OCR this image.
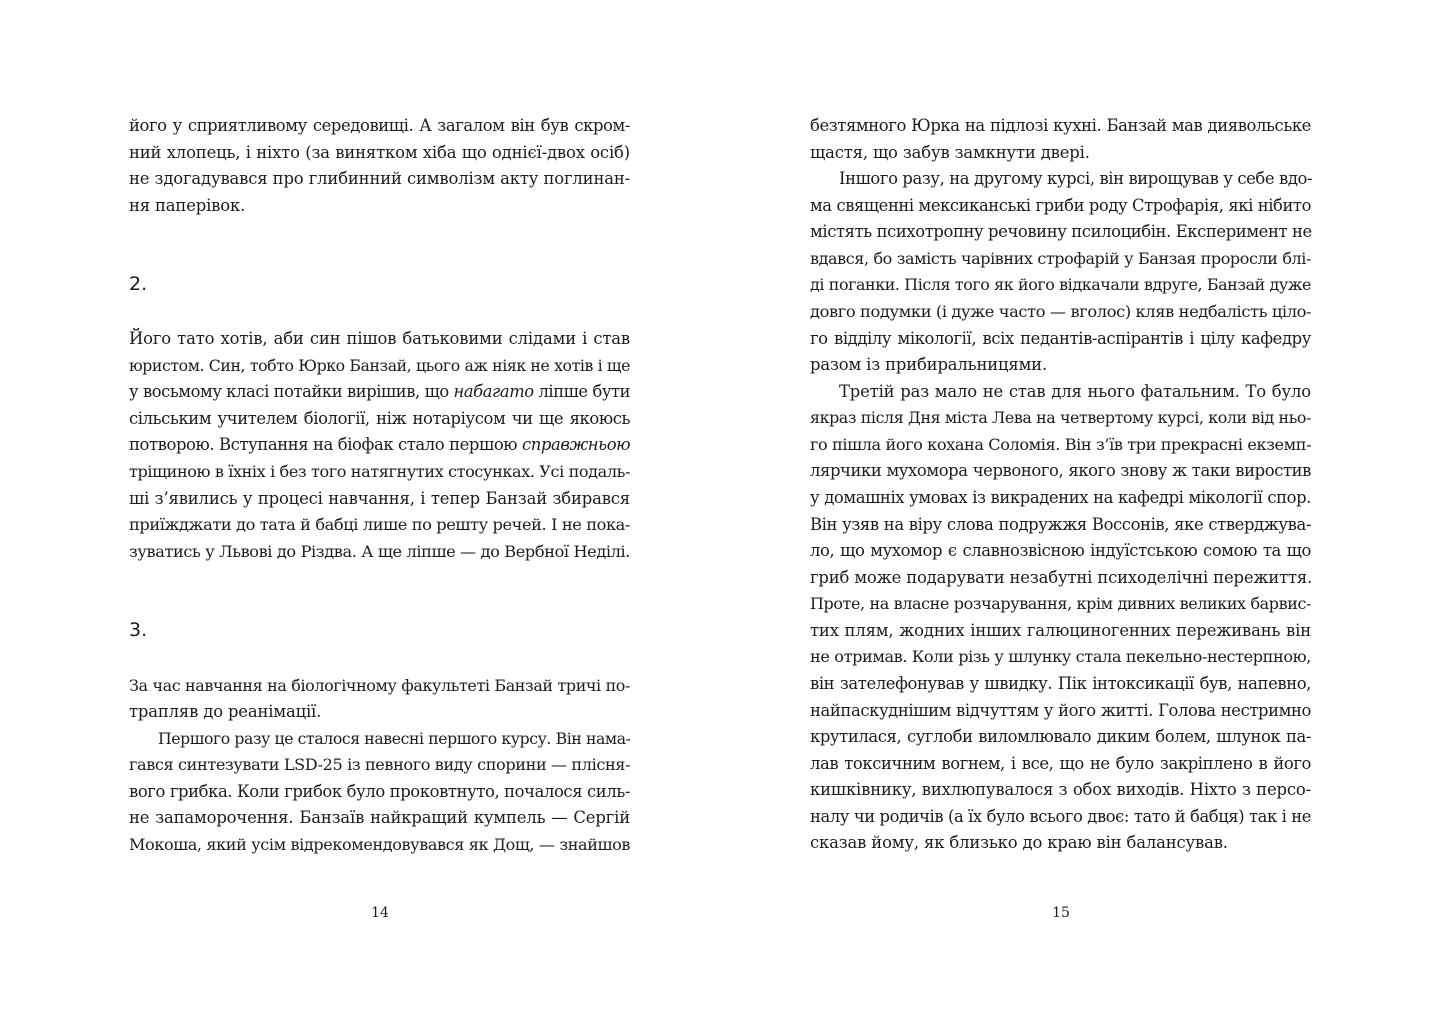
його у сприятливому середовищі. А загалом він був скром-
ний хлопець, і ніхто (за винятком хіба що однієї-двох осіб)
не здогадувався про глибинний символізм акту поглинан-
ня паперівок.
2.
Його тато хотів, аби син пішов батьковими слідами і став
юристом. Син, тобто Юрко Банзай, цього аж ніяк не хотів і ще
у восьмому класі потайки вирішив, що набагато ліпше бути
сільським учителем біології, ніж нотаріусом чи ще якоюсь
потворою. Вступання на біофак стало першою справжньою
тріщиною в їхніх і без того натягнутих стосунках. Усі подаль-
ші з’явились у процесі навчання, і тепер Банзай збирався
приїжджати до тата й бабці лише по решту речей. І не пока-
зуватись у Львові до Різдва. А ще ліпше — до Вербної Неділі.
3.
За час навчання на біологічному факультеті Банзай тричі по-
трапляв до реанімації.
Першого разу це сталося навесні першого курсу. Він нама-
гався синтезувати LSD-25 із певного виду спорини — плісня-
вого грибка. Коли грибок було проковтнуто, почалося силь-
не запаморочення. Банзаїв найкращий кумпель — Сергій
Мокоша, який усім відрекомендовувався як Дощ, — знайшов
14
безтямного Юрка на підлозі кухні. Банзай мав диявольське
щастя, що забув замкнути двері.
Іншого разу, на другому курсі, він вирощував у себе вдо-
ма священні мексиканські гриби роду Строфарія, які нібито
містять психотропну речовину псилоцибін. Експеримент не
вдався, бо замість чарівних строфарій у Банзая проросли блі-
ді поганки. Після того як його відкачали вдруге, Банзай дуже
довго подумки (і дуже часто — вголос) кляв недбалість ціло-
го відділу мікології, всіх педантів-аспірантів і цілу кафедру
разом із прибиральницями.
Третій раз мало не став для нього фатальним. То було
якраз після Дня міста Лева на четвертому курсі, коли від ньо-
го пішла його кохана Соломія. Він з’їв три прекрасні екземп-
лярчики мухомора червоного, якого знову ж таки виростив
у домашніх умовах із викрадених на кафедрі мікології спор.
Він узяв на віру слова подружжя Воссонів, яке стверджува-
ло, що мухомор є славнозвісною індуїстською сомою та що
гриб може подарувати незабутні психоделічні пережиття.
Проте, на власне розчарування, крім дивних великих барвис-
тих плям, жодних інших галюциногенних переживань він
не отримав. Коли різь у шлунку стала пекельно-нестерпною,
він зателефонував у швидку. Пік інтоксикації був, напевно,
найпаскуднішим відчуттям у його житті. Голова нестримно
крутилася, суглоби виломлювало диким болем, шлунок па-
лав токсичним вогнем, і все, що не було закріплено в його
кишківнику, вихлюпувалося з обох виходів. Ніхто з персо-
налу чи родичів (а їх було всього двоє: тато й бабця) так і не
сказав йому, як близько до краю він балансував.
15
